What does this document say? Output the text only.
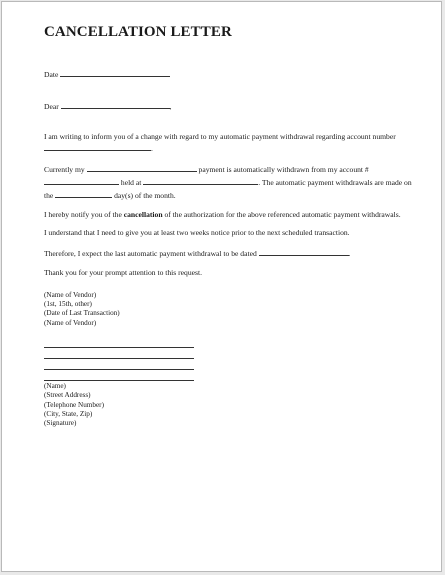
CANCELLATION LETTER

Date

Dear	,

I am writing to inform you of a change with regard to my automatic payment withdrawal regarding account number .

Currently my	payment is automatically withdrawn from my account #  held at	. The automatic payment withdrawals are made on the	day(s) of the month.

I hereby notify you of the cancellation of the authorization for the above referenced automatic payment withdrawals.

I understand that I need to give you at least two weeks notice prior to the next scheduled transaction.

Therefore, I expect the last automatic payment withdrawal to be dated	.

Thank you for your prompt attention to this request.

(Name of Vendor)
(1st, 15th, other)
(Date of Last Transaction)
(Name of Vendor)
(Name)
(Street Address)
(Telephone Number)
(City, State, Zip)
(Signature)
